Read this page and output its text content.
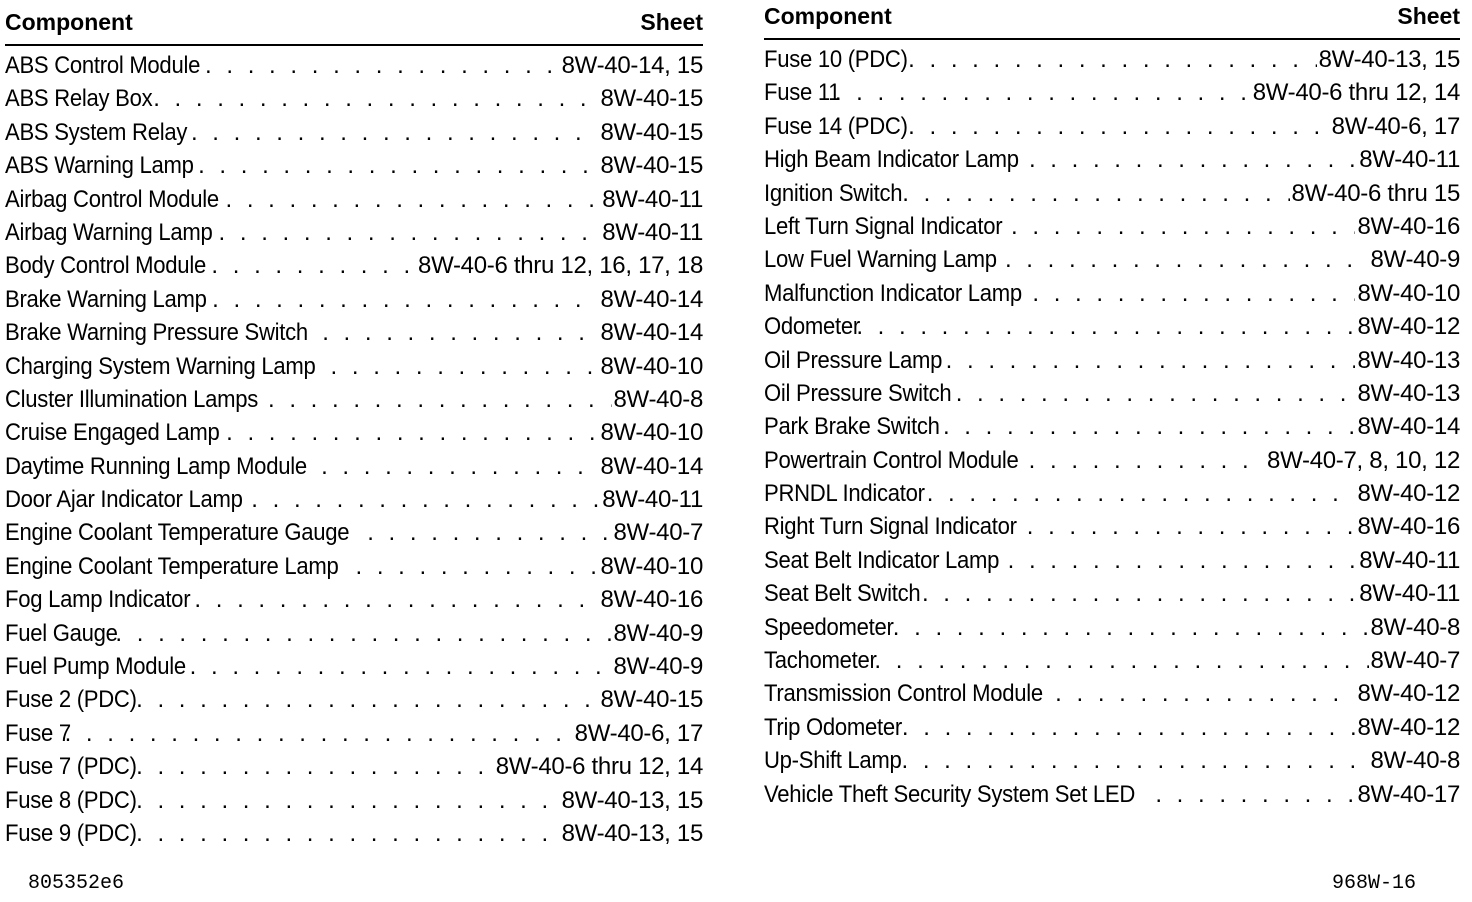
Component	Sheet
ABS Control Module . . .	8W-40-14, 15
ABS Relay Box . . .	8W-40-15
ABS System Relay . . .	8W-40-15
ABS Warning Lamp . . .	8W-40-15
Airbag Control Module . . .	8W-40-11
Airbag Warning Lamp . . .	8W-40-11
Body Control Module . . .	8W-40-6 thru 12, 16, 17, 18
Brake Warning Lamp . . .	8W-40-14
Brake Warning Pressure Switch . . .	8W-40-14
Charging System Warning Lamp . . .	8W-40-10
Cluster Illumination Lamps . . .	8W-40-8
Cruise Engaged Lamp . . .	8W-40-10
Daytime Running Lamp Module . . .	8W-40-14
Door Ajar Indicator Lamp . . .	8W-40-11
Engine Coolant Temperature Gauge . . .	8W-40-7
Engine Coolant Temperature Lamp . . .	8W-40-10
Fog Lamp Indicator . . .	8W-40-16
Fuel Gauge . . .	8W-40-9
Fuel Pump Module . . .	8W-40-9
Fuse 2 (PDC) . . .	8W-40-15
Fuse 7 . . .	8W-40-6, 17
Fuse 7 (PDC) . . .	8W-40-6 thru 12, 14
Fuse 8 (PDC) . . .	8W-40-13, 15
Fuse 9 (PDC) . . .	8W-40-13, 15
Component	Sheet
Fuse 10 (PDC) . . .	8W-40-13, 15
Fuse 11 . . .	8W-40-6 thru 12, 14
Fuse 14 (PDC) . . .	8W-40-6, 17
High Beam Indicator Lamp . . .	8W-40-11
Ignition Switch . . .	8W-40-6 thru 15
Left Turn Signal Indicator . . .	8W-40-16
Low Fuel Warning Lamp . . .	8W-40-9
Malfunction Indicator Lamp . . .	8W-40-10
Odometer . . .	8W-40-12
Oil Pressure Lamp . . .	8W-40-13
Oil Pressure Switch . . .	8W-40-13
Park Brake Switch . . .	8W-40-14
Powertrain Control Module . . .	8W-40-7, 8, 10, 12
PRNDL Indicator . . .	8W-40-12
Right Turn Signal Indicator . . .	8W-40-16
Seat Belt Indicator Lamp . . .	8W-40-11
Seat Belt Switch . . .	8W-40-11
Speedometer . . .	8W-40-8
Tachometer . . .	8W-40-7
Transmission Control Module . . .	8W-40-12
Trip Odometer . . .	8W-40-12
Up-Shift Lamp . . .	8W-40-8
Vehicle Theft Security System Set LED . . .	8W-40-17
805352e6	968W-16
